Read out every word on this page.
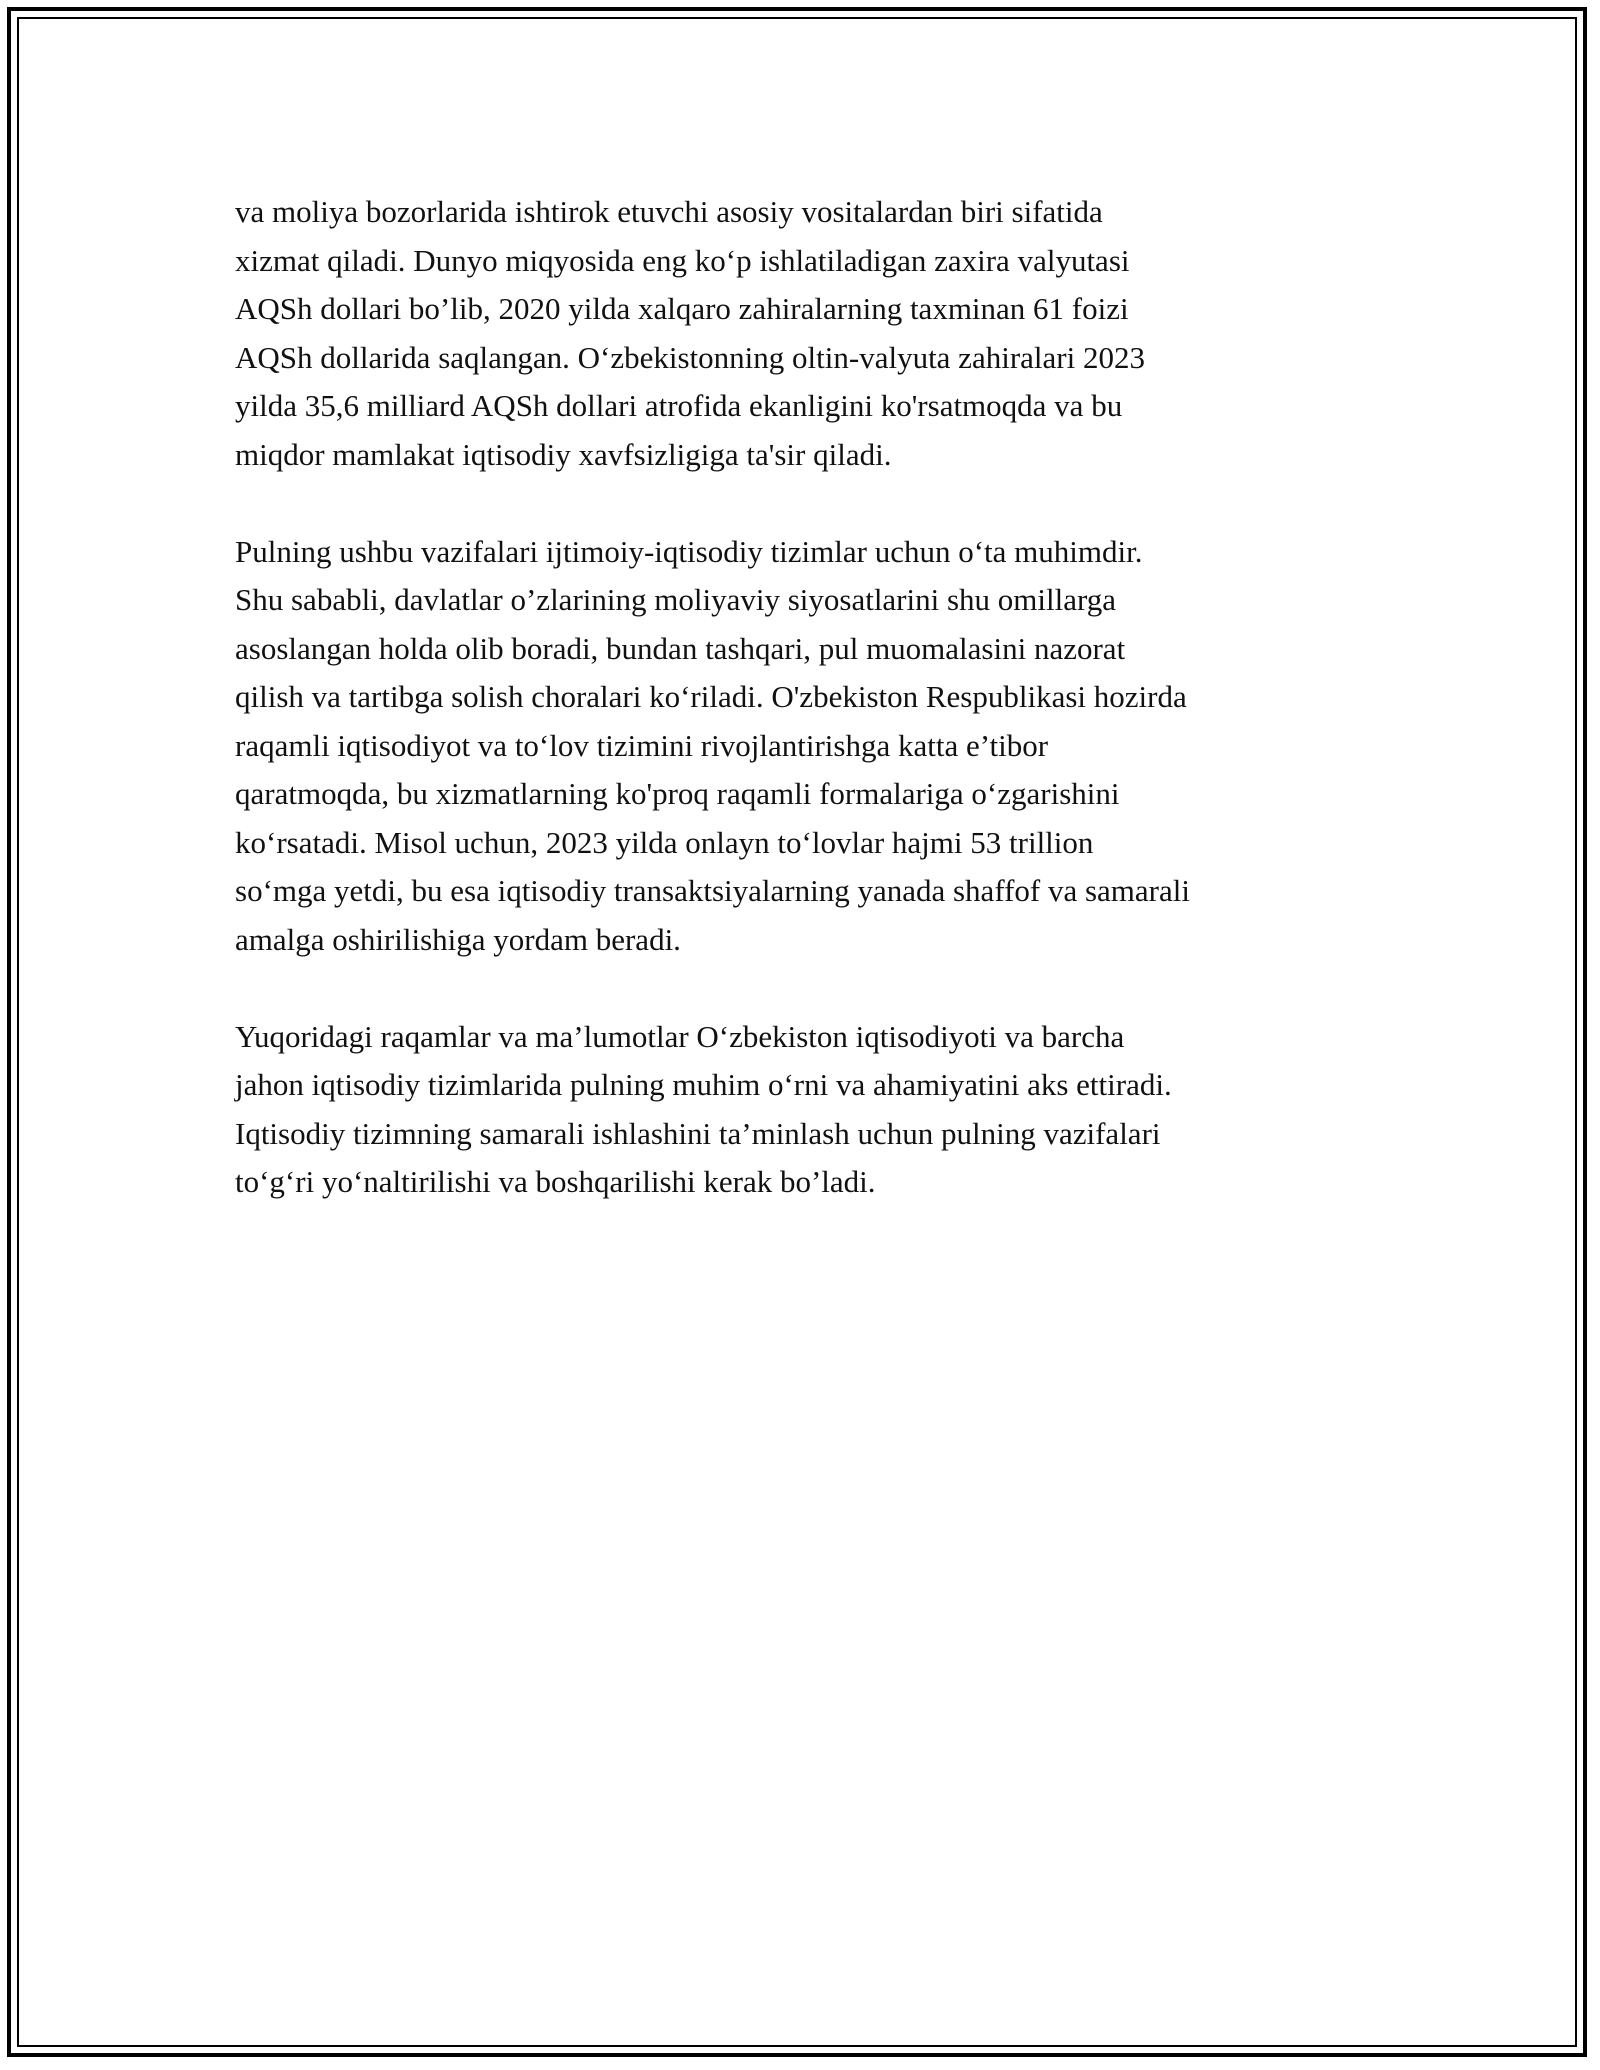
va moliya bozorlarida ishtirok etuvchi asosiy vositalardan biri sifatida
xizmat qiladi. Dunyo miqyosida eng ko‘p ishlatiladigan zaxira valyutasi
AQSh dollari bo’lib, 2020 yilda xalqaro zahiralarning taxminan 61 foizi
AQSh dollarida saqlangan. O‘zbekistonning oltin-valyuta zahiralari 2023
yilda 35,6 milliard AQSh dollari atrofida ekanligini ko'rsatmoqda va bu
miqdor mamlakat iqtisodiy xavfsizligiga ta'sir qiladi.

Pulning ushbu vazifalari ijtimoiy-iqtisodiy tizimlar uchun o‘ta muhimdir.
Shu sababli, davlatlar o’zlarining moliyaviy siyosatlarini shu omillarga
asoslangan holda olib boradi, bundan tashqari, pul muomalasini nazorat
qilish va tartibga solish choralari ko‘riladi. O'zbekiston Respublikasi hozirda
raqamli iqtisodiyot va to‘lov tizimini rivojlantirishga katta e’tibor
qaratmoqda, bu xizmatlarning ko'proq raqamli formalariga o‘zgarishini
ko‘rsatadi. Misol uchun, 2023 yilda onlayn to‘lovlar hajmi 53 trillion
so‘mga yetdi, bu esa iqtisodiy transaktsiyalarning yanada shaffof va samarali
amalga oshirilishiga yordam beradi.

Yuqoridagi raqamlar va ma’lumotlar O‘zbekiston iqtisodiyoti va barcha
jahon iqtisodiy tizimlarida pulning muhim o‘rni va ahamiyatini aks ettiradi.
Iqtisodiy tizimning samarali ishlashini ta’minlash uchun pulning vazifalari
to‘g‘ri yo‘naltirilishi va boshqarilishi kerak bo’ladi.
